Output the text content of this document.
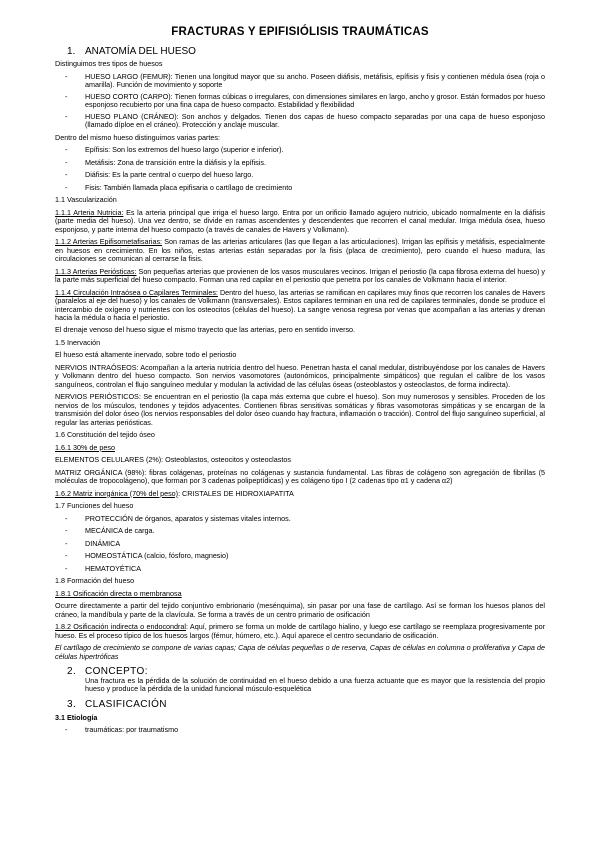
FRACTURAS Y EPIFISIÓLISIS TRAUMÁTICAS
1. ANATOMÍA DEL HUESO
Distinguimos tres tipos de huesos
-	HUESO LARGO (FEMUR): Tienen una longitud mayor que su ancho. Poseen diáfisis, metáfisis, epífisis y fisis y contienen médula ósea (roja o amarilla). Función de movimiento y soporte
-	HUESO CORTO (CARPO): Tienen formas cúbicas o irregulares, con dimensiones similares en largo, ancho y grosor. Están formados por hueso esponjoso recubierto por una fina capa de hueso compacto. Estabilidad y flexibilidad
-	HUESO PLANO (CRÁNEO): Son anchos y delgados. Tienen dos capas de hueso compacto separadas por una capa de hueso esponjoso (llamado díploe en el cráneo). Protección y anclaje muscular.
Dentro del mismo hueso distinguimos varias partes:
-	Epífisis: Son los extremos del hueso largo (superior e inferior).
-	Metáfisis: Zona de transición entre la diáfisis y la epífisis.
-	Diáfisis: Es la parte central o cuerpo del hueso largo.
-	Fisis: También llamada placa epifisaria o cartílago de crecimiento
1.1 Vascularización
1.1.1 Arteria Nutricia: Es la arteria principal que irriga el hueso largo. Entra por un orificio llamado agujero nutricio, ubicado normalmente en la diáfisis (parte media del hueso). Una vez dentro, se divide en ramas ascendentes y descendentes que recorren el canal medular. Irriga médula ósea, hueso esponjoso, y parte interna del hueso compacto (a través de canales de Havers y Volkmann).
1.1.2 Arterias Epifisometafisarias: Son ramas de las arterias articulares (las que llegan a las articulaciones). Irrigan las epífisis y metáfisis, especialmente en huesos en crecimiento. En los niños, estas arterias están separadas por la fisis (placa de crecimiento), pero cuando el hueso madura, las circulaciones se comunican al cerrarse la fisis.
1.1.3 Arterias Periósticas: Son pequeñas arterias que provienen de los vasos musculares vecinos. Irrigan el periostio (la capa fibrosa externa del hueso) y la parte más superficial del hueso compacto. Forman una red capilar en el periostio que penetra por los canales de Volkmann hacia el interior.
1.1.4 Circulación Intraósea o Capilares Terminales: Dentro del hueso, las arterias se ramifican en capilares muy finos que recorren los canales de Havers (paralelos al eje del hueso) y los canales de Volkmann (transversales). Estos capilares terminan en una red de capilares terminales, donde se produce el intercambio de oxígeno y nutrientes con los osteocitos (células del hueso). La sangre venosa regresa por venas que acompañan a las arterias y drenan hacia la médula o hacia el periostio.
El drenaje venoso del hueso sigue el mismo trayecto que las arterias, pero en sentido inverso.
1.5 Inervación
El hueso está altamente inervado, sobre todo el periostio
NERVIOS INTRAÓSEOS: Acompañan a la arteria nutricia dentro del hueso. Penetran hasta el canal medular, distribuyéndose por los canales de Havers y Volkmann dentro del hueso compacto. Son nervios vasomotores (autonómicos, principalmente simpáticos) que regulan el calibre de los vasos sanguíneos, controlan el flujo sanguíneo medular y modulan la actividad de las células óseas (osteoblastos y osteoclastos, de forma indirecta).
NERVIOS PERIÓSTICOS: Se encuentran en el periostio (la capa más externa que cubre el hueso). Son muy numerosos y sensibles. Proceden de los nervios de los músculos, tendones y tejidos adyacentes. Contienen fibras sensitivas somáticas y fibras vasomotoras simpáticas y se encargan de la transmisión del dolor óseo (los nervios responsables del dolor óseo cuando hay fractura, inflamación o tracción). Control del flujo sanguíneo superficial, al regular las arterias periósticas.
1.6 Constitución del tejido óseo
1.6.1 30% de peso
ELEMENTOS CELULARES (2%): Osteoblastos, osteocitos y osteoclastos
MATRIZ ORGÁNICA (98%): fibras colágenas, proteínas no colágenas y sustancia fundamental. Las fibras de colágeno son agregación de fibrillas (5 moléculas de tropocolágeno), que forman por 3 cadenas polipeptídicas) y es colágeno tipo I (2 cadenas tipo α1 y cadena α2)
1.6.2 Matriz inorgánica (70% del peso): CRISTALES DE HIDROXIAPATITA
1.7 Funciones del hueso
-	PROTECCIÓN de órganos, aparatos y sistemas vitales internos.
-	MECÁNICA de carga.
-	DINÁMICA
-	HOMEOSTÁTICA (calcio, fósforo, magnesio)
-	HEMATOYÉTICA
1.8 Formación del hueso
1.8.1 Osificación directa o membranosa
Ocurre directamente a partir del tejido conjuntivo embrionario (mesénquima), sin pasar por una fase de cartílago. Así se forman los huesos planos del cráneo, la mandíbula y parte de la clavícula. Se forma a través de un centro primario de osificación
1.8.2 Osificación indirecta o endocondral: Aquí, primero se forma un molde de cartílago hialino, y luego ese cartílago se reemplaza progresivamente por hueso. Es el proceso típico de los huesos largos (fémur, húmero, etc.). Aquí aparece el centro secundario de osificación.
El cartílago de crecimiento se compone de varias capas; Capa de células pequeñas o de reserva, Capas de células en columna o proliferativa y Capa de células hipertróficas
2. CONCEPTO:
Una fractura es la pérdida de la solución de continuidad en el hueso debido a una fuerza actuante que es mayor que la resistencia del propio hueso y produce la pérdida de la unidad funcional músculo-esquelética
3. CLASIFICACIÓN
3.1 Etiología
-	traumáticas: por traumatismo
